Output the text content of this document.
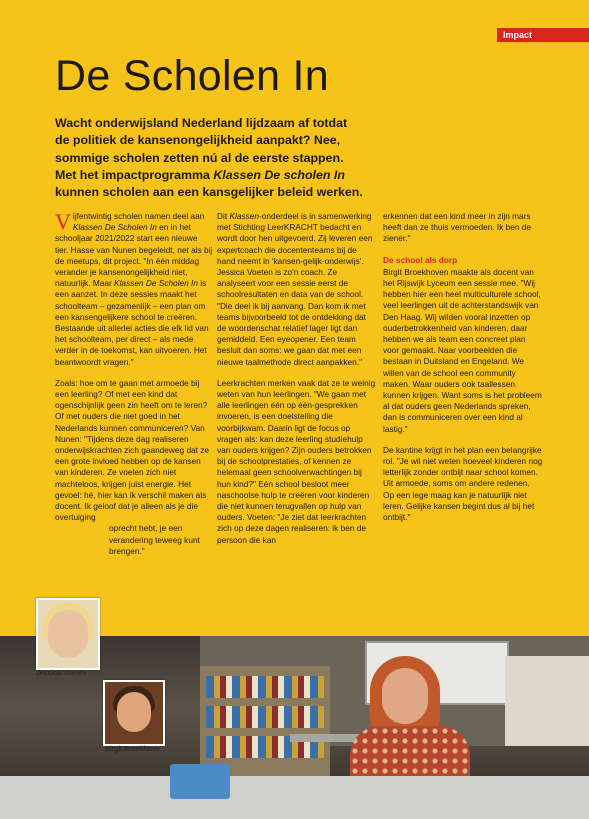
Impact
De Scholen In

Wacht onderwijsland Nederland lijdzaam af totdat
de politiek de kansenongelijkheid aanpakt? Nee,
sommige scholen zetten nú al de eerste stappen.
Met het impactprogramma Klassen De scholen In
kunnen scholen aan een kansgelijker beleid werken.

Vijfentwintig scholen namen deel aan Klassen De Scholen In en in het schooljaar 2021/2022 start een nieuwe tier. Hasse van Nunen begeleidt, net als bij de meetups, dit project. "In één middag verander je kansenongelijkheid niet, natuurlijk. Maar Klassen De Scholen In is een aanzet. In deze sessies maakt het schoolteam – gezamenlijk – een plan om een kansengelijkere school te creëren. Bestaande uit allerlei acties die elk lid van het schoolteam, per direct – als mede verder in de toekomst, kan uitvoeren. Het beantwoordt vragen."

Zoals: hoe om te gaan met armoede bij een leerling? Of met een kind dat ogenschijnlijk geen zin heeft om te leren? Of met ouders die niet goed in het Nederlands kunnen communiceren? Van Nunen: "Tijdens deze dag realiseren onderwijskrachten zich gaandeweg dat ze een grote invloed hebben op de kansen van kinderen. Ze voelen zich niet machteloos, krijgen juist energie. Het gevoel: hé, hier kan ik verschil maken als docent. Ik geloof dat je alleen als je die overtuiging
oprecht hebt, je een verandering teweeg kunt brengen."

Dit Klassen-onderdeel is in samenwerking met Stichting LeerKRACHT bedacht en wordt door hen uitgevoerd. Zij leveren een expertcoach die docententeams bij de hand neemt in 'kansen-gelijk-onderwijs'. Jessica Voeten is zo'n coach. Ze analyseert voor een sessie eerst de schoolresultaten en data van de school. "Die deel ik bij aanvang. Dan kom ik met teams bijvoorbeeld tot de ontdekking dat de woordenschat relatief lager ligt dan gemiddeld. Een eyeopener. Een team besluit dan soms: we gaan dat met een nieuwe taalmethode direct aanpakken."

Leerkrachten merken vaak dat ze te weinig weten van hun leerlingen. "We gaan met alle leerlingen één op één-gesprekken invoeren, is een doelstelling die voorbijkwam. Daarin ligt de focus op vragen als: kan deze leerling studiehulp van ouders krijgen? Zijn ouders betrokken bij de schoolprestaties, of kennen ze helemaal geen schoolverwachtingen bij hun kind?" Eén school besloot meer naschoolse hulp te creëren voor kinderen die niet kunnen terugvallen op hulp van ouders. Voeten: "Je ziet dat leerkrachten zich op deze dagen realiseren: ik ben de persoon die kan

erkennen dat een kind meer in zijn mars heeft dan ze thuis vermoeden. Ik ben de ziener."

De school als dorp

Birgit Broekhoven maakte als docent van het Rijswijk Lyceum een sessie mee. "Wij hebben hier een heel multiculturele school, veel leerlingen uit de achterstandswijk van Den Haag. Wij wilden vooral inzetten op ouderbetrokkenheid van kinderen, daar hebben we als team een concreet plan voor gemaakt. Naar voorbeelden die bestaan in Duitsland en Engeland. We willen van de school een community maken. Waar ouders ook taallessen kunnen krijgen. Want soms is het probleem al dat ouders geen Nederlands spreken, dan is communiceren over een kind al lastig."

De kantine krijgt in het plan een belangrijke rol. "Je wil niet weten hoeveel kinderen nog letterlijk zonder ontbijt naar school komen. Uit armoede, soms om andere redenen. Op een lege maag kan je natuurlijk niet leren. Gelijke kansen begint dus al bij het ontbijt."

Jessica Voeten
Birgit Broekhove
